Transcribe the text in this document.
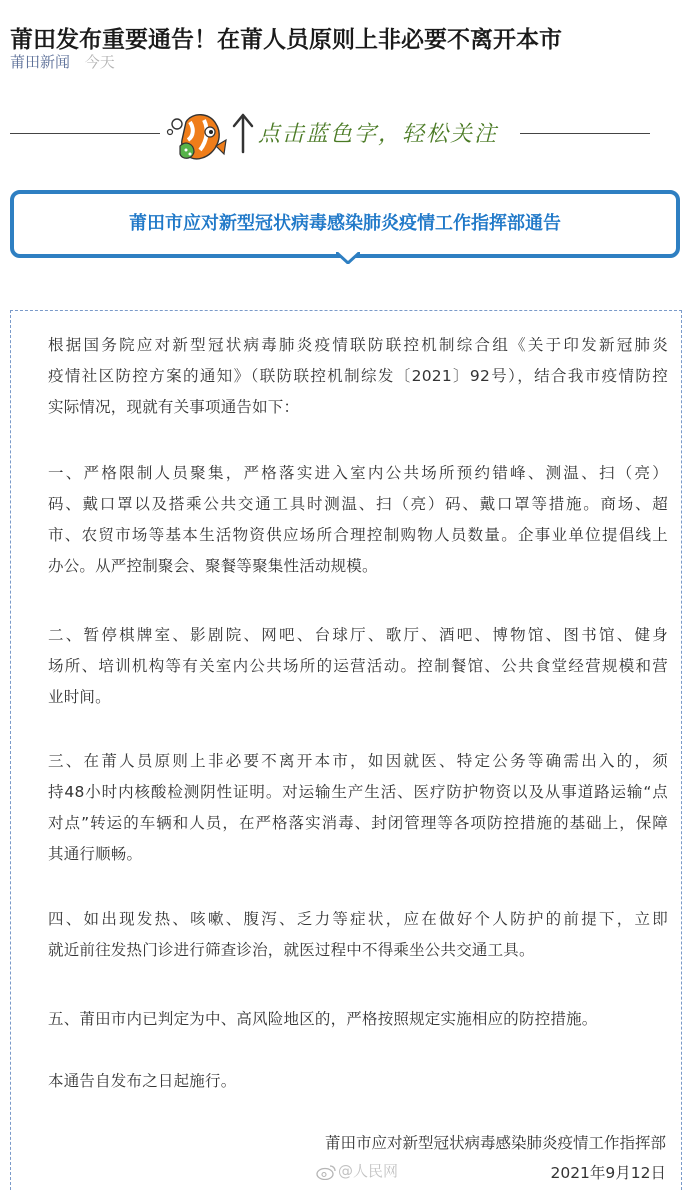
莆田发布重要通告！在莆人员原则上非必要不离开本市
莆田新闻 今天
点击蓝色字，轻松关注
莆田市应对新型冠状病毒感染肺炎疫情工作指挥部通告

根据国务院应对新型冠状病毒肺炎疫情联防联控机制综合组《关于印发新冠肺炎
疫情社区防控方案的通知》（联防联控机制综发〔2021〕92号），结合我市疫情防控
实际情况，现就有关事项通告如下：

一、严格限制人员聚集，严格落实进入室内公共场所预约错峰、测温、扫（亮）
码、戴口罩以及搭乘公共交通工具时测温、扫（亮）码、戴口罩等措施。商场、超
市、农贸市场等基本生活物资供应场所合理控制购物人员数量。企事业单位提倡线上
办公。从严控制聚会、聚餐等聚集性活动规模。

二、暂停棋牌室、影剧院、网吧、台球厅、歌厅、酒吧、博物馆、图书馆、健身
场所、培训机构等有关室内公共场所的运营活动。控制餐馆、公共食堂经营规模和营
业时间。

三、在莆人员原则上非必要不离开本市，如因就医、特定公务等确需出入的，须
持48小时内核酸检测阴性证明。对运输生产生活、医疗防护物资以及从事道路运输“点
对点”转运的车辆和人员，在严格落实消毒、封闭管理等各项防控措施的基础上，保障
其通行顺畅。

四、如出现发热、咳嗽、腹泻、乏力等症状，应在做好个人防护的前提下，立即
就近前往发热门诊进行筛查诊治，就医过程中不得乘坐公共交通工具。

五、莆田市内已判定为中、高风险地区的，严格按照规定实施相应的防控措施。

本通告自发布之日起施行。

莆田市应对新型冠状病毒感染肺炎疫情工作指挥部
2021年9月12日
@人民网
